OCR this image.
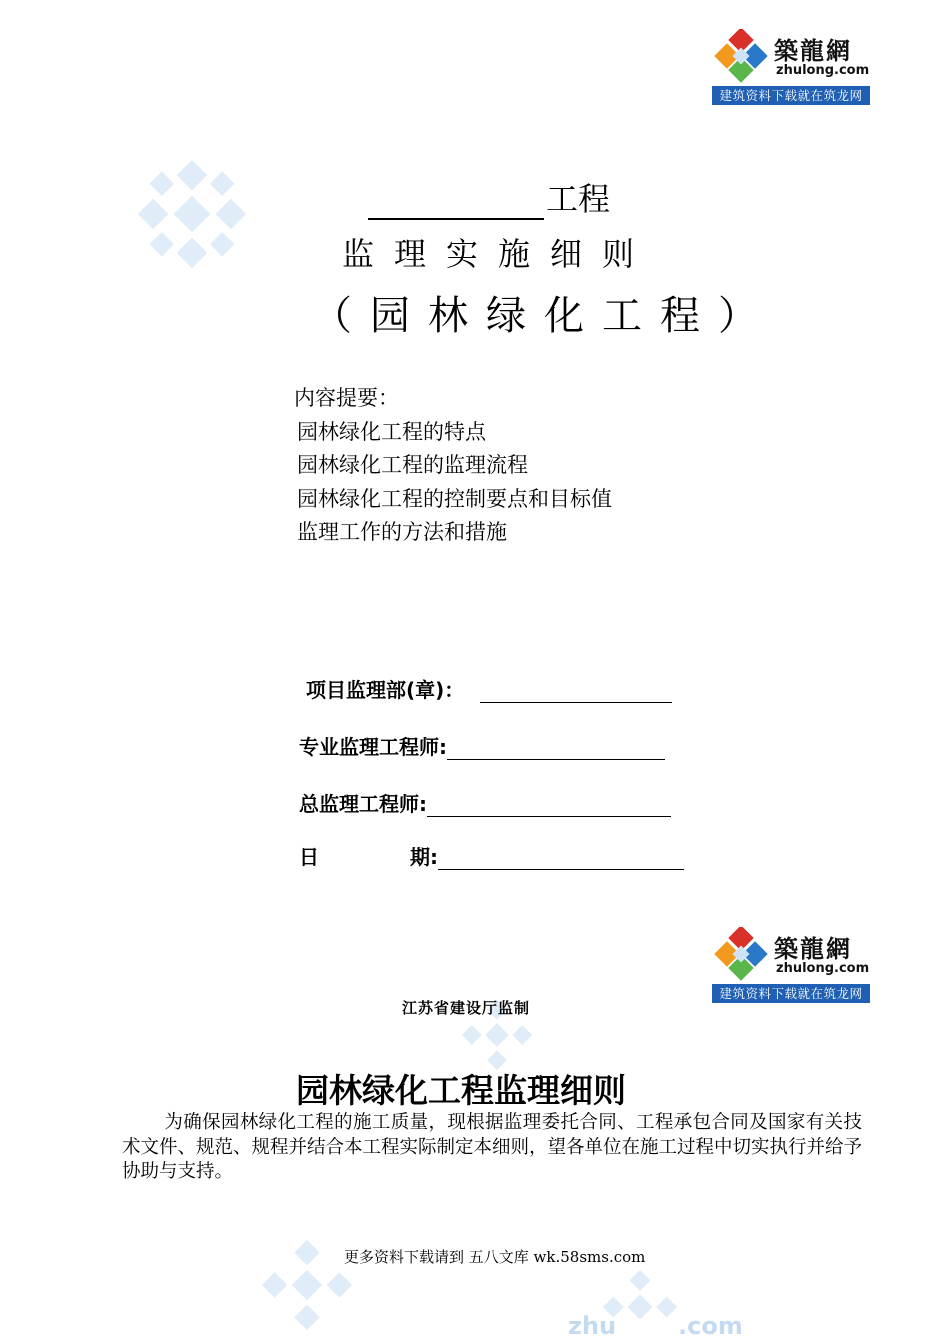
zhu	.com
築龍網
zhulong.com
建筑资料下载就在筑龙网
工程
监理实施细则
（园林绿化工程）
内容提要：
园林绿化工程的特点
园林绿化工程的监理流程
园林绿化工程的控制要点和目标值
监理工作的方法和措施
项目监理部(章)：
专业监理工程师:
总监理工程师:
日	期:
築龍網
zhulong.com
建筑资料下载就在筑龙网
江苏省建设厅监制
园林绿化工程监理细则
为确保园林绿化工程的施工质量，现根据监理委托合同、工程承包合同及国家有关技术文件、规范、规程并结合本工程实际制定本细则，望各单位在施工过程中切实执行并给予协助与支持。
更多资料下载请到 五八文库 wk.58sms.com
